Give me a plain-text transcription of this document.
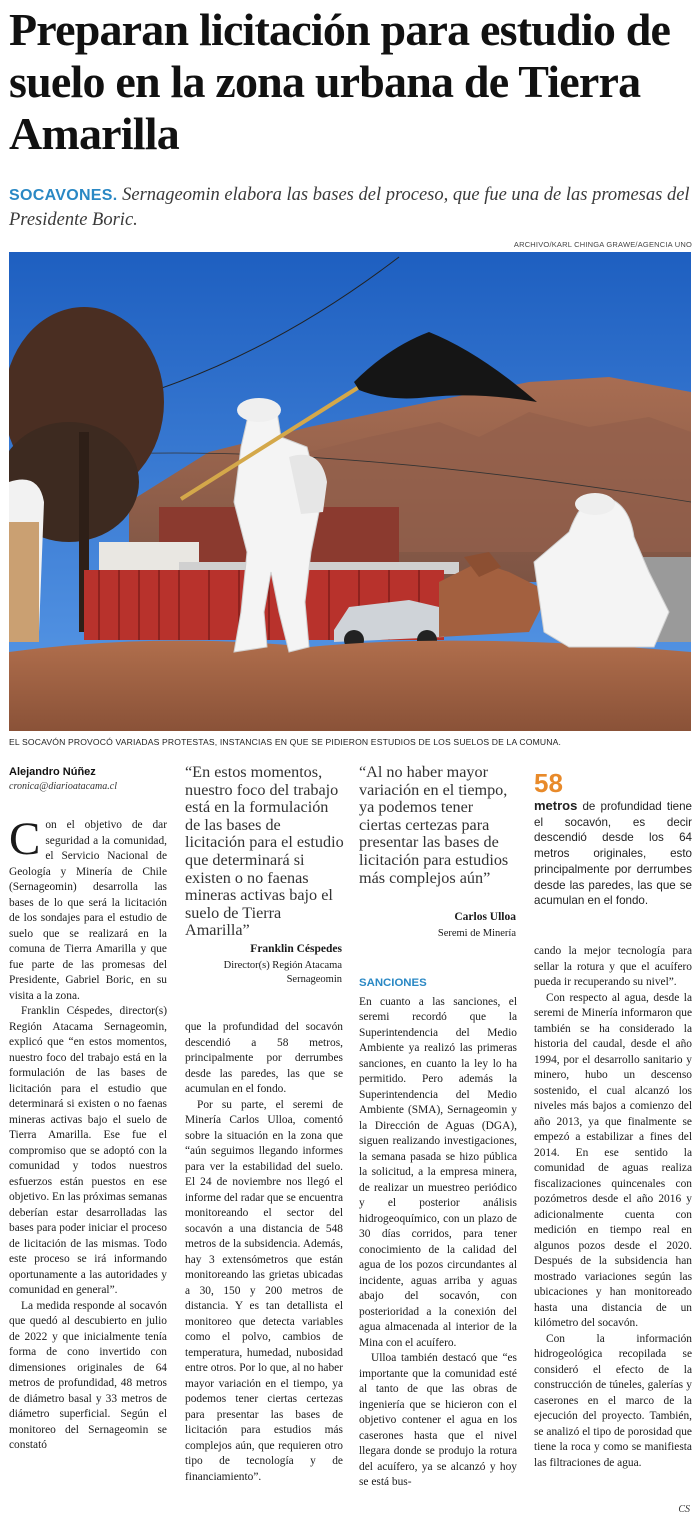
Preparan licitación para estudio de suelo en la zona urbana de Tierra Amarilla
SOCAVONES. Sernageomin elabora las bases del proceso, que fue una de las promesas del Presidente Boric.
ARCHIVO/KARL CHINGA GRAWE/AGENCIA UNO
EL SOCAVÓN PROVOCÓ VARIADAS PROTESTAS, INSTANCIAS EN QUE SE PIDIERON ESTUDIOS DE LOS SUELOS DE LA COMUNA.
Alejandro Núñez
cronica@diarioatacama.cl

Con el objetivo de dar seguridad a la comunidad, el Servicio Nacional de Geología y Minería de Chile (Sernageomin) desarrolla las bases de lo que será la licitación de los sondajes para el estudio de suelo que se realizará en la comuna de Tierra Amarilla y que fue parte de las promesas del Presidente, Gabriel Boric, en su visita a la zona.

Franklin Céspedes, director(s) Región Atacama Sernageomin, explicó que “en estos momentos, nuestro foco del trabajo está en la formulación de las bases de licitación para el estudio que determinará si existen o no faenas mineras activas bajo el suelo de Tierra Amarilla. Ese fue el compromiso que se adoptó con la comunidad y todos nuestros esfuerzos están puestos en ese objetivo. En las próximas semanas deberían estar desarrolladas las bases para poder iniciar el proceso de licitación de las mismas. Todo este proceso se irá informando oportunamente a las autoridades y comunidad en general”.

La medida responde al socavón que quedó al descubierto en julio de 2022 y que inicialmente tenía forma de cono invertido con dimensiones originales de 64 metros de profundidad, 48 metros de diámetro basal y 33 metros de diámetro superficial. Según el monitoreo del Sernageomin se constató

“En estos momentos, nuestro foco del trabajo está en la formulación de las bases de licitación para el estudio que determinará si existen o no faenas mineras activas bajo el suelo de Tierra Amarilla”
Franklin Céspedes
Director(s) Región Atacama Sernageomin
“Al no haber mayor variación en el tiempo, ya podemos tener ciertas certezas para presentar las bases de licitación para estudios más complejos aún”
Carlos Ulloa
Seremi de Minería
58
metros de profundidad tiene el socavón, es decir descendió desde los 64 metros originales, esto principalmente por derrumbes desde las paredes, las que se acumulan en el fondo.

que la profundidad del socavón descendió a 58 metros, principalmente por derrumbes desde las paredes, las que se acumulan en el fondo.

Por su parte, el seremi de Minería Carlos Ulloa, comentó sobre la situación en la zona que “aún seguimos llegando informes para ver la estabilidad del suelo. El 24 de noviembre nos llegó el informe del radar que se encuentra monitoreando el sector del socavón a una distancia de 548 metros de la subsidencia. Además, hay 3 extensómetros que están monitoreando las grietas ubicadas a 30, 150 y 200 metros de distancia. Y es tan detallista el monitoreo que detecta variables como el polvo, cambios de temperatura, humedad, nubosidad entre otros. Por lo que, al no haber mayor variación en el tiempo, ya podemos tener ciertas certezas para presentar las bases de licitación para estudios más complejos aún, que requieren otro tipo de tecnología y de financiamiento”.

SANCIONES

En cuanto a las sanciones, el seremi recordó que la Superintendencia del Medio Ambiente ya realizó las primeras sanciones, en cuanto la ley lo ha permitido. Pero además la Superintendencia del Medio Ambiente (SMA), Sernageomin y la Dirección de Aguas (DGA), siguen realizando investigaciones, la semana pasada se hizo pública la solicitud, a la empresa minera, de realizar un muestreo periódico y el posterior análisis hidrogeoquímico, con un plazo de 30 días corridos, para tener conocimiento de la calidad del agua de los pozos circundantes al incidente, aguas arriba y aguas abajo del socavón, con posterioridad a la conexión del agua almacenada al interior de la Mina con el acuífero.

Ulloa también destacó que “es importante que la comunidad esté al tanto de que las obras de ingeniería que se hicieron con el objetivo contener el agua en los caserones hasta que el nivel llegara donde se produjo la rotura del acuífero, ya se alcanzó y hoy se está bus-

cando la mejor tecnología para sellar la rotura y que el acuífero pueda ir recuperando su nivel”.

Con respecto al agua, desde la seremi de Minería informaron que también se ha considerado la historia del caudal, desde el año 1994, por el desarrollo sanitario y minero, hubo un descenso sostenido, el cual alcanzó los niveles más bajos a comienzo del año 2013, ya que finalmente se empezó a estabilizar a fines del 2014. En ese sentido la comunidad de aguas realiza fiscalizaciones quincenales con pozómetros desde el año 2016 y adicionalmente cuenta con medición en tiempo real en algunos pozos desde el 2020. Después de la subsidencia han mostrado variaciones según las ubicaciones y han monitoreado hasta una distancia de un kilómetro del socavón.

Con la información hidrogeológica recopilada se consideró el efecto de la construcción de túneles, galerías y caserones en el marco de la ejecución del proyecto. También, se analizó el tipo de porosidad que tiene la roca y como se manifiesta las filtraciones de agua.

CS
